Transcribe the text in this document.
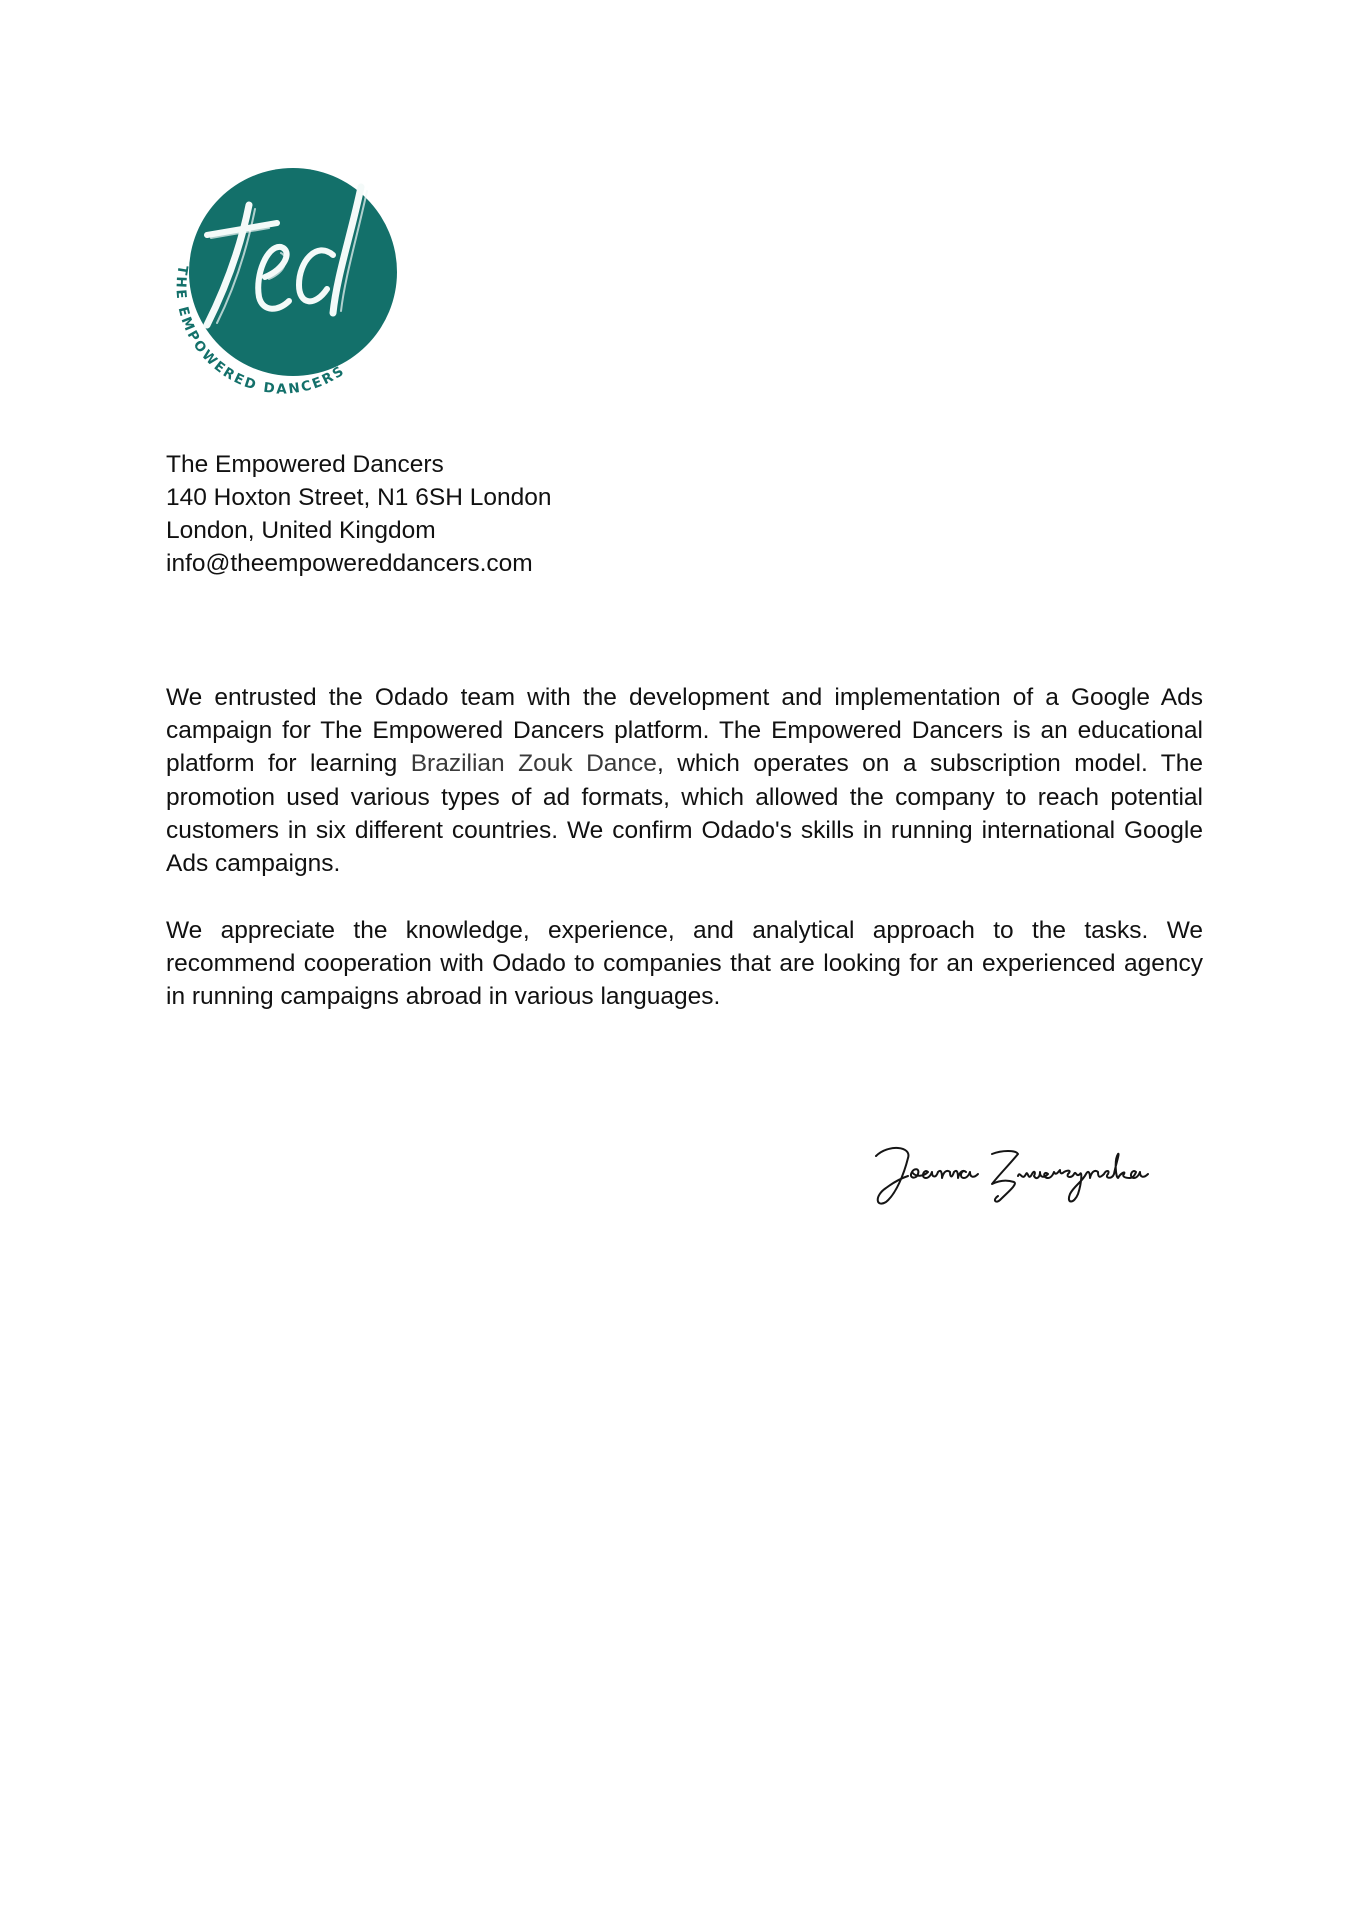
THE EMPOWERED DANCERS
The Empowered Dancers
140 Hoxton Street, N1 6SH London
London, United Kingdom
info@theempowereddancers.com
We entrusted the Odado team with the development and implementation of a Google Ads campaign for The Empowered Dancers platform. The Empowered Dancers is an educational platform for learning Brazilian Zouk Dance, which operates on a subscription model. The promotion used various types of ad formats, which allowed the company to reach potential customers in six different countries. We confirm Odado's skills in running international Google Ads campaigns.
We appreciate the knowledge, experience, and analytical approach to the tasks. We recommend cooperation with Odado to companies that are looking for an experienced agency in running campaigns abroad in various languages.
